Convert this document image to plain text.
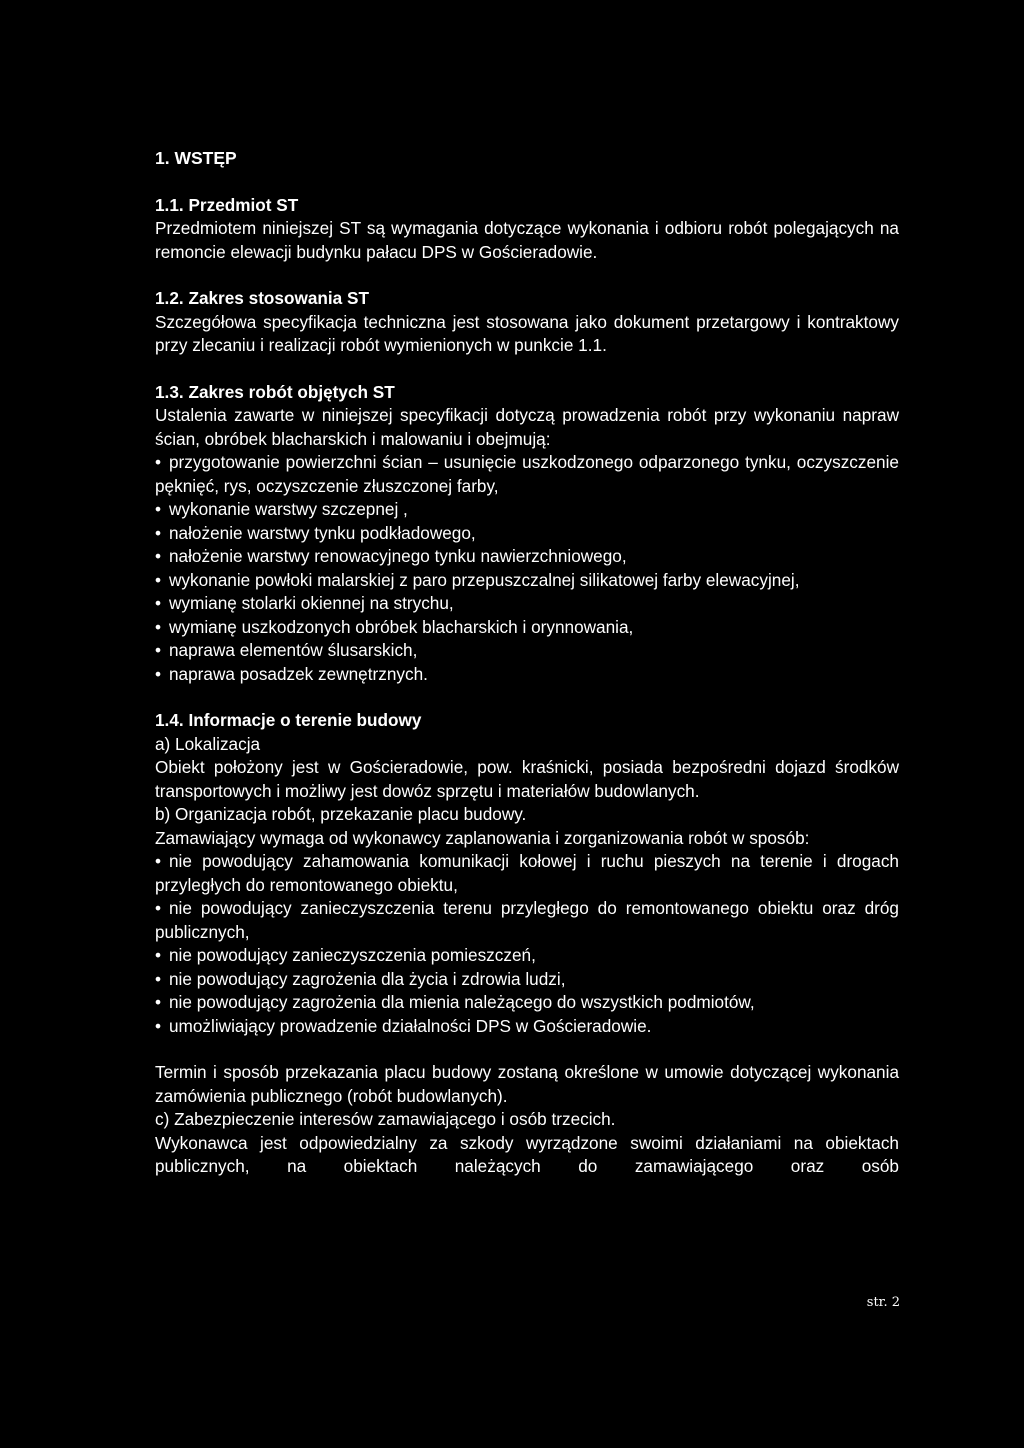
1. WSTĘP
1.1. Przedmiot ST

Przedmiotem niniejszej ST są wymagania dotyczące wykonania i odbioru robót polegających na remoncie elewacji budynku pałacu DPS w Gościeradowie.

1.2. Zakres stosowania ST

Szczegółowa specyfikacja techniczna jest stosowana jako dokument przetargowy i kontraktowy przy zlecaniu i realizacji robót wymienionych w punkcie 1.1.

1.3. Zakres robót objętych ST

Ustalenia zawarte w niniejszej specyfikacji dotyczą prowadzenia robót przy wykonaniu napraw ścian, obróbek blacharskich i malowaniu i obejmują:

• przygotowanie powierzchni ścian – usunięcie uszkodzonego odparzonego tynku, oczyszczenie pęknięć, rys, oczyszczenie złuszczonej farby,
• wykonanie warstwy szczepnej ,
• nałożenie warstwy tynku podkładowego,
• nałożenie warstwy renowacyjnego tynku nawierzchniowego,
• wykonanie powłoki malarskiej z paro przepuszczalnej silikatowej farby elewacyjnej,
• wymianę stolarki okiennej na strychu,
• wymianę uszkodzonych obróbek blacharskich i orynnowania,
• naprawa elementów ślusarskich,
• naprawa posadzek zewnętrznych.
1.4. Informacje o terenie budowy
a) Lokalizacja

Obiekt położony jest w Gościeradowie, pow. kraśnicki, posiada bezpośredni dojazd środków transportowych i możliwy jest dowóz sprzętu i materiałów budowlanych.

b) Organizacja robót, przekazanie placu budowy.

Zamawiający wymaga od wykonawcy zaplanowania i zorganizowania robót w sposób:

• nie powodujący zahamowania komunikacji kołowej i ruchu pieszych na terenie i drogach przyległych do remontowanego obiektu,
• nie powodujący zanieczyszczenia terenu przyległego do remontowanego obiektu oraz dróg publicznych,
• nie powodujący zanieczyszczenia pomieszczeń,
• nie powodujący zagrożenia dla życia i zdrowia ludzi,
• nie powodujący zagrożenia dla mienia należącego do wszystkich podmiotów,
• umożliwiający prowadzenie działalności DPS w Gościeradowie.

Termin i sposób przekazania placu budowy zostaną określone w umowie dotyczącej wykonania zamówienia publicznego (robót budowlanych).

c) Zabezpieczenie interesów zamawiającego i osób trzecich.

Wykonawca jest odpowiedzialny za szkody wyrządzone swoimi działaniami na obiektach publicznych, na obiektach należących do zamawiającego oraz osób

str. 2
